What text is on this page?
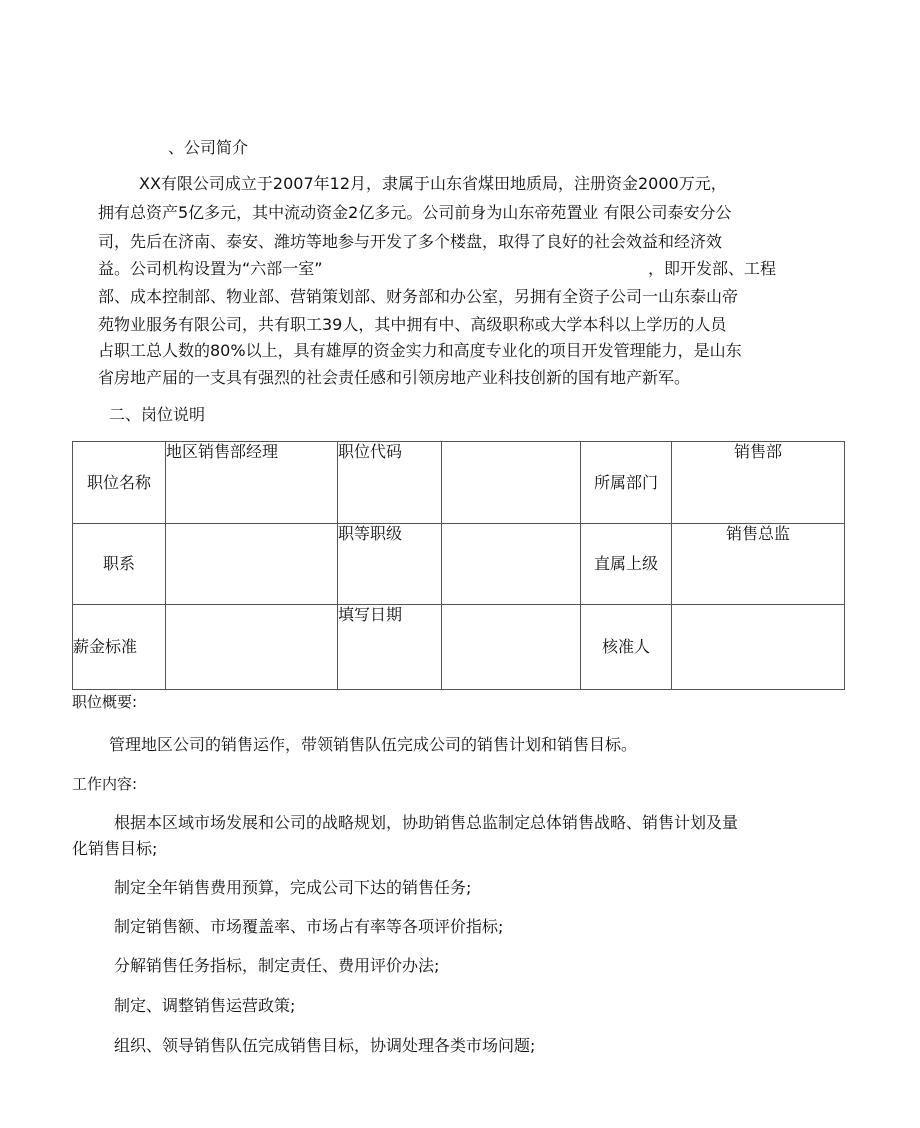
、公司简介
XX有限公司成立于2007年12月，隶属于山东省煤田地质局，注册资金2000万元，
拥有总资产5亿多元，其中流动资金2亿多元。公司前身为山东帝苑置业 有限公司泰安分公
司，先后在济南、泰安、潍坊等地参与开发了多个楼盘，取得了良好的社会效益和经济效
益。公司机构设置为“六部一室”	，即开发部、工程
部、成本控制部、物业部、营销策划部、财务部和办公室，另拥有全资子公司一山东泰山帝
苑物业服务有限公司，共有职工39人，其中拥有中、高级职称或大学本科以上学历的人员
占职工总人数的80%以上，具有雄厚的资金实力和高度专业化的项目开发管理能力，是山东
省房地产届的一支具有强烈的社会责任感和引领房地产业科技创新的国有地产新军。
二、岗位说明
职位名称	地区销售部经理	职位代码		所属部门	销售部
职系		职等职级		直属上级	销售总监
薪金标准		填写日期		核准人	
职位概要:
管理地区公司的销售运作，带领销售队伍完成公司的销售计划和销售目标。
工作内容:
根据本区域市场发展和公司的战略规划，协助销售总监制定总体销售战略、销售计划及量
化销售目标;
制定全年销售费用预算，完成公司下达的销售任务;
制定销售额、市场覆盖率、市场占有率等各项评价指标;
分解销售任务指标，制定责任、费用评价办法;
制定、调整销售运营政策;
组织、领导销售队伍完成销售目标，协调处理各类市场问题;
